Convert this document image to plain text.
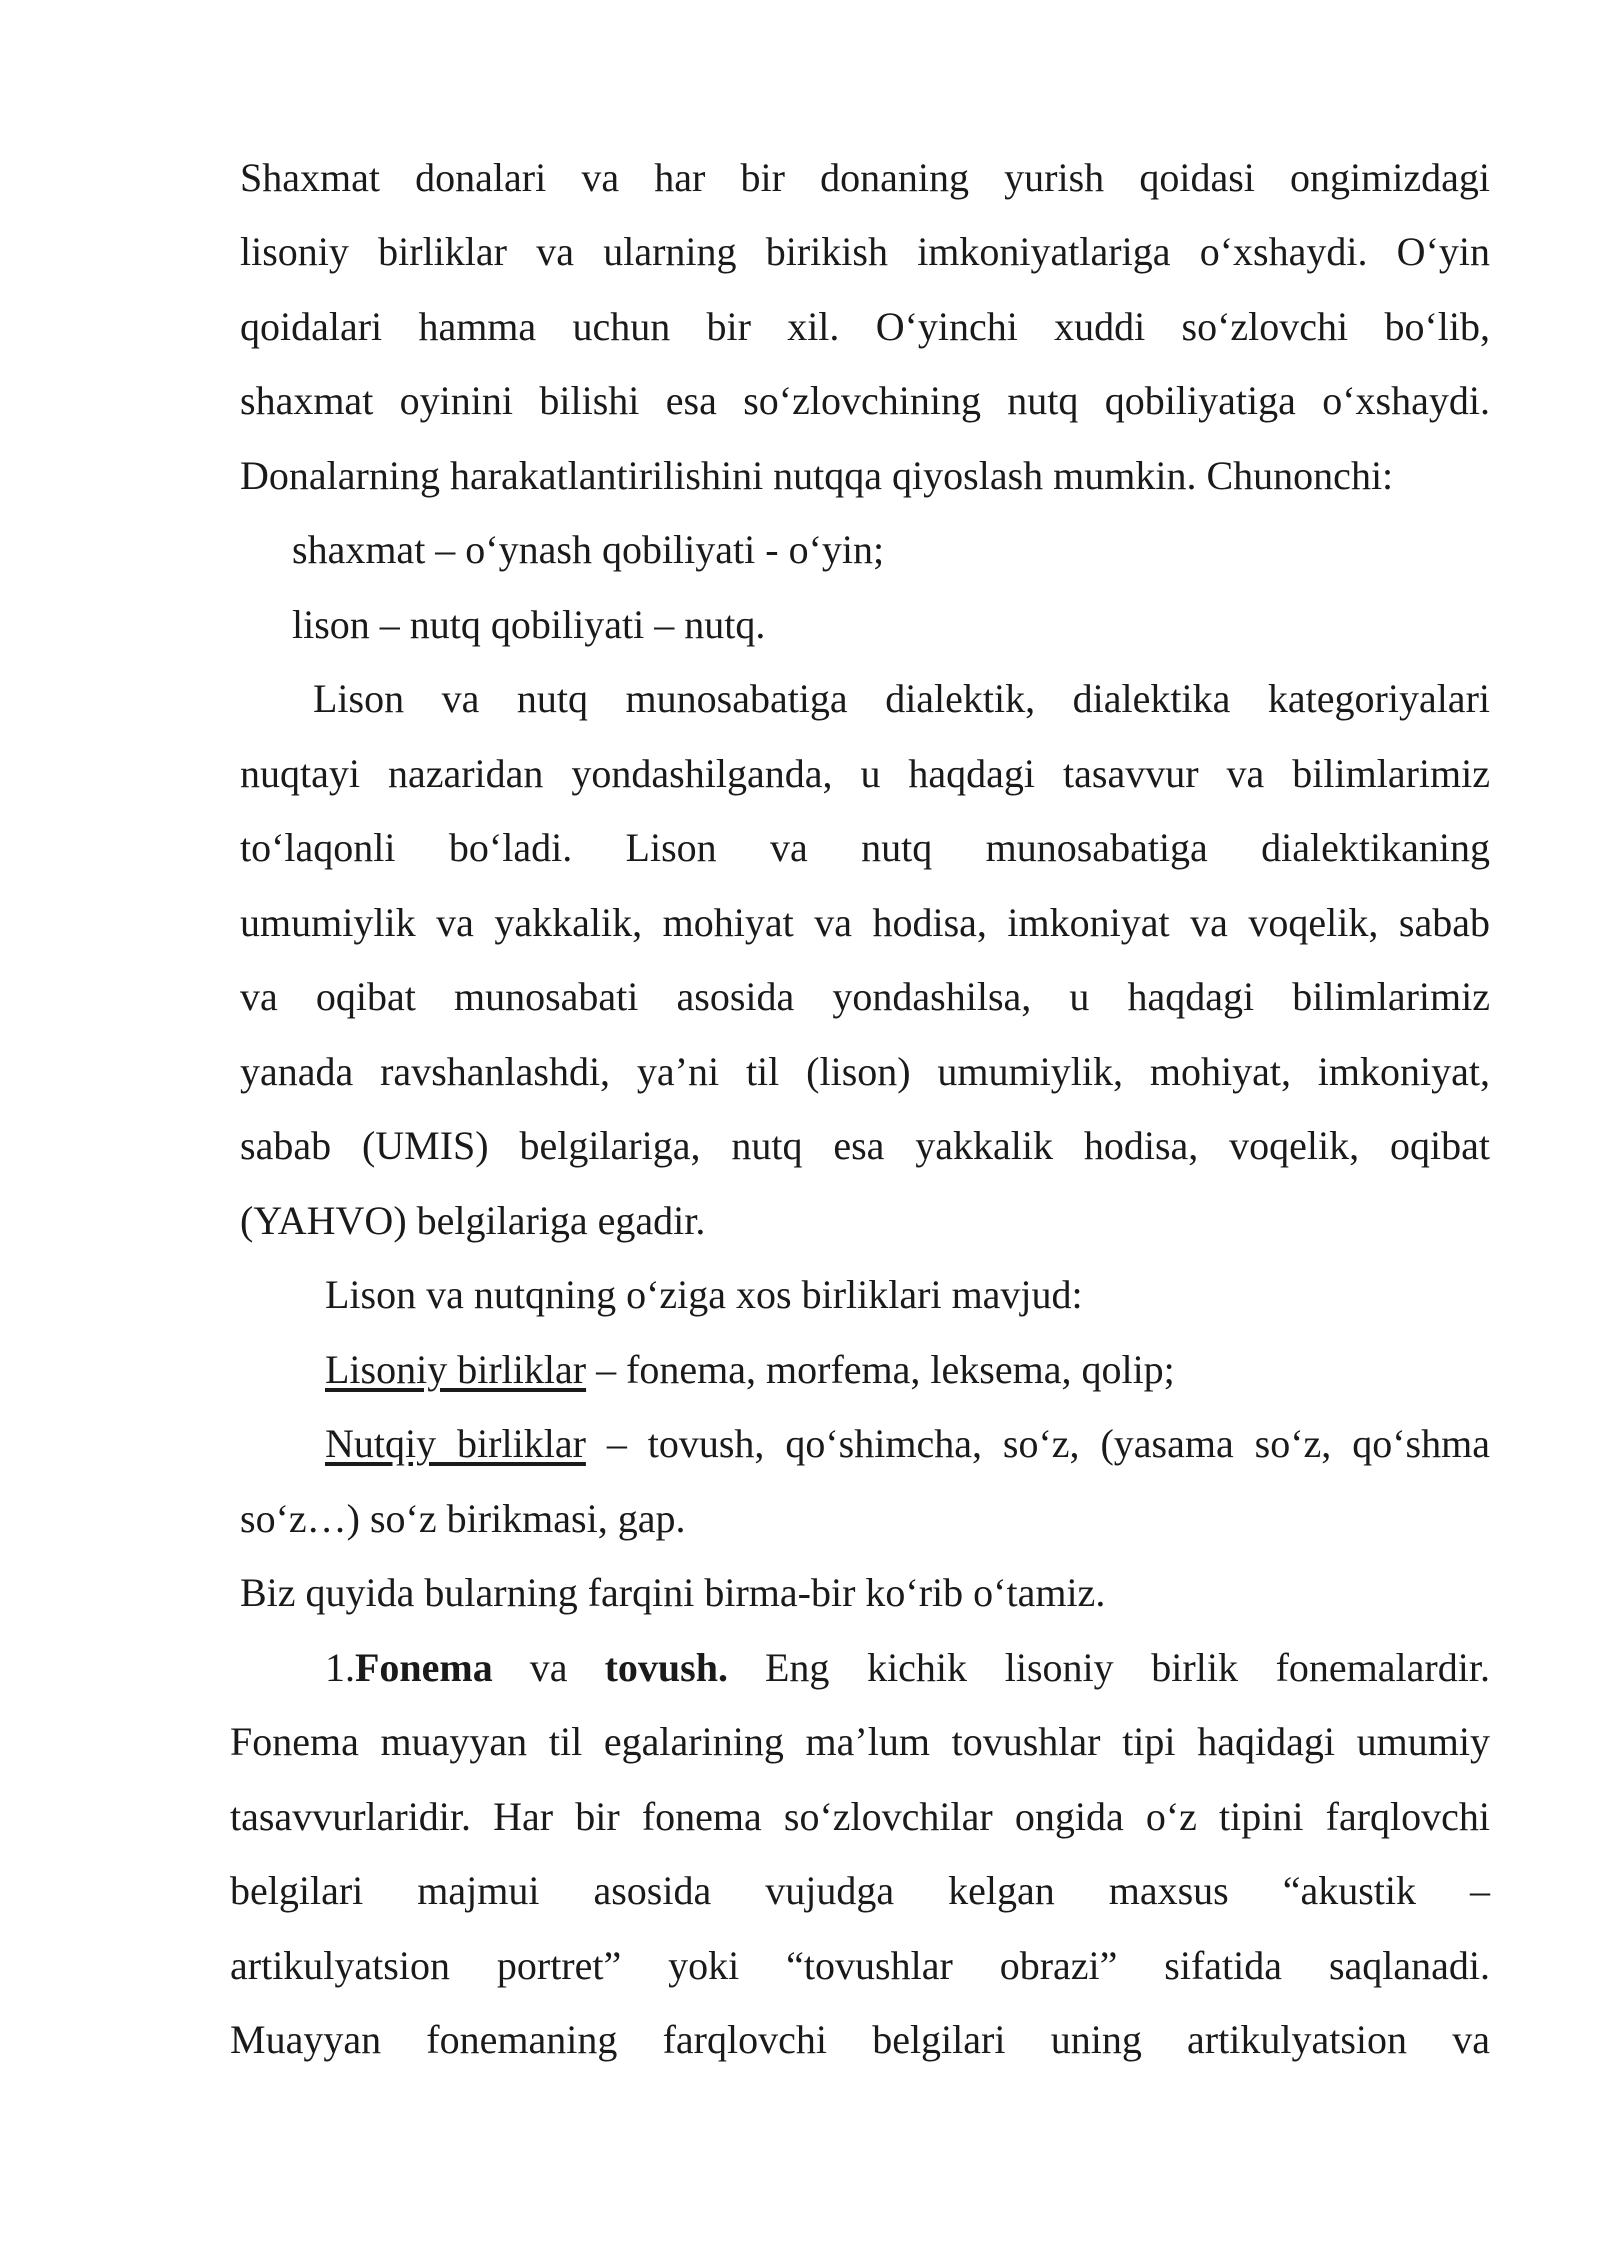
Shaxmat donalari va har bir donaning yurish qoidasi ongimizdagi
lisoniy birliklar va ularning birikish imkoniyatlariga oʻxshaydi. Oʻyin
qoidalari hamma uchun bir xil. Oʻyinchi xuddi soʻzlovchi boʻlib,
shaxmat oyinini bilishi esa soʻzlovchining nutq qobiliyatiga oʻxshaydi.
Donalarning harakatlantirilishini nutqqa qiyoslash mumkin. Chunonchi:
shaxmat – oʻynash qobiliyati - oʻyin;
lison – nutq qobiliyati – nutq.
Lison va nutq munosabatiga dialektik, dialektika kategoriyalari
nuqtayi nazaridan yondashilganda, u haqdagi tasavvur va bilimlarimiz
toʻlaqonli boʻladi. Lison va nutq munosabatiga dialektikaning
umumiylik va yakkalik, mohiyat va hodisa, imkoniyat va voqelik, sabab
va oqibat munosabati asosida yondashilsa, u haqdagi bilimlarimiz
yanada ravshanlashdi, ya’ni til (lison) umumiylik, mohiyat, imkoniyat,
sabab (UMIS) belgilariga, nutq esa yakkalik hodisa, voqelik, oqibat
(YAHVO) belgilariga egadir.
Lison va nutqning oʻziga xos birliklari mavjud:
Lisoniy birliklar – fonema, morfema, leksema, qolip;
Nutqiy birliklar – tovush, qoʻshimcha, soʻz, (yasama soʻz, qoʻshma
soʻz…) soʻz birikmasi, gap.
Biz quyida bularning farqini birma-bir koʻrib oʻtamiz.
1.Fonema va tovush. Eng kichik lisoniy birlik fonemalardir.
Fonema muayyan til egalarining ma’lum tovushlar tipi haqidagi umumiy
tasavvurlaridir. Har bir fonema soʻzlovchilar ongida oʻz tipini farqlovchi
belgilari majmui asosida vujudga kelgan maxsus “akustik –
artikulyatsion portret” yoki “tovushlar obrazi” sifatida saqlanadi.
Muayyan fonemaning farqlovchi belgilari uning artikulyatsion va
